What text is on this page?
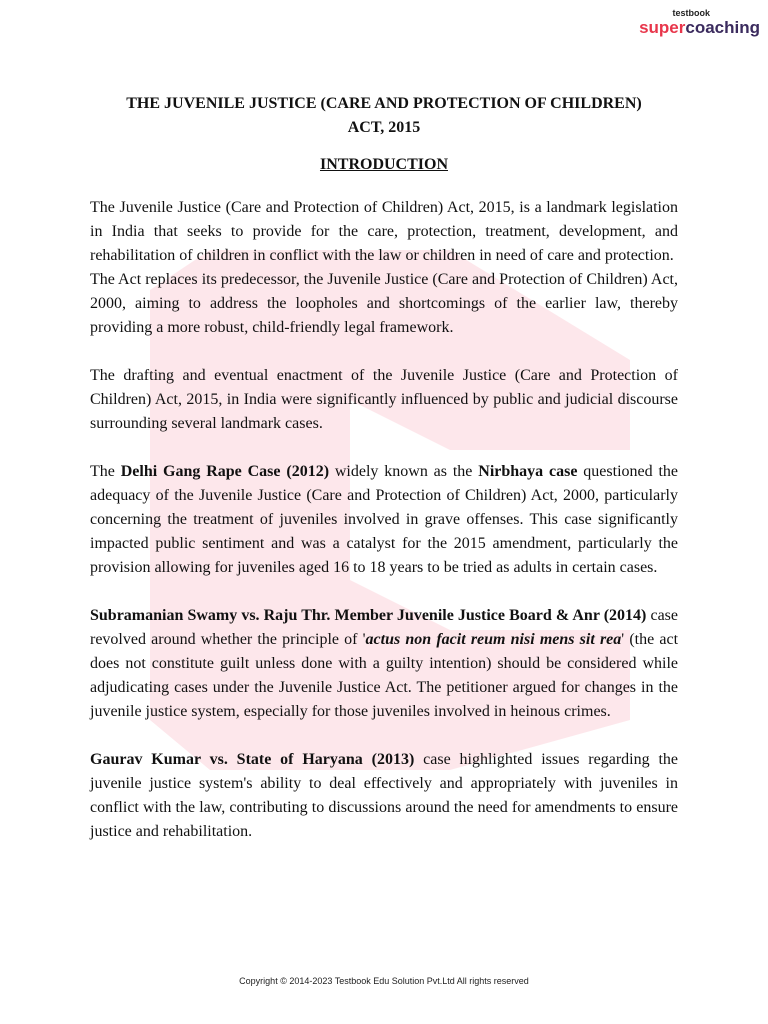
testbook
supercoaching
THE JUVENILE JUSTICE (CARE AND PROTECTION OF CHILDREN)
ACT, 2015
INTRODUCTION

The Juvenile Justice (Care and Protection of Children) Act, 2015, is a landmark legislation in India that seeks to provide for the care, protection, treatment, development, and rehabilitation of children in conflict with the law or children in need of care and protection.

The Act replaces its predecessor, the Juvenile Justice (Care and Protection of Children) Act, 2000, aiming to address the loopholes and shortcomings of the earlier law, thereby providing a more robust, child-friendly legal framework.

The drafting and eventual enactment of the Juvenile Justice (Care and Protection of Children) Act, 2015, in India were significantly influenced by public and judicial discourse surrounding several landmark cases.

The Delhi Gang Rape Case (2012) widely known as the Nirbhaya case questioned the adequacy of the Juvenile Justice (Care and Protection of Children) Act, 2000, particularly concerning the treatment of juveniles involved in grave offenses. This case significantly impacted public sentiment and was a catalyst for the 2015 amendment, particularly the provision allowing for juveniles aged 16 to 18 years to be tried as adults in certain cases.

Subramanian Swamy vs. Raju Thr. Member Juvenile Justice Board & Anr (2014) case revolved around whether the principle of 'actus non facit reum nisi mens sit rea' (the act does not constitute guilt unless done with a guilty intention) should be considered while adjudicating cases under the Juvenile Justice Act. The petitioner argued for changes in the juvenile justice system, especially for those juveniles involved in heinous crimes.

Gaurav Kumar vs. State of Haryana (2013) case highlighted issues regarding the juvenile justice system's ability to deal effectively and appropriately with juveniles in conflict with the law, contributing to discussions around the need for amendments to ensure justice and rehabilitation.

Copyright © 2014-2023 Testbook Edu Solution Pvt.Ltd All rights reserved
